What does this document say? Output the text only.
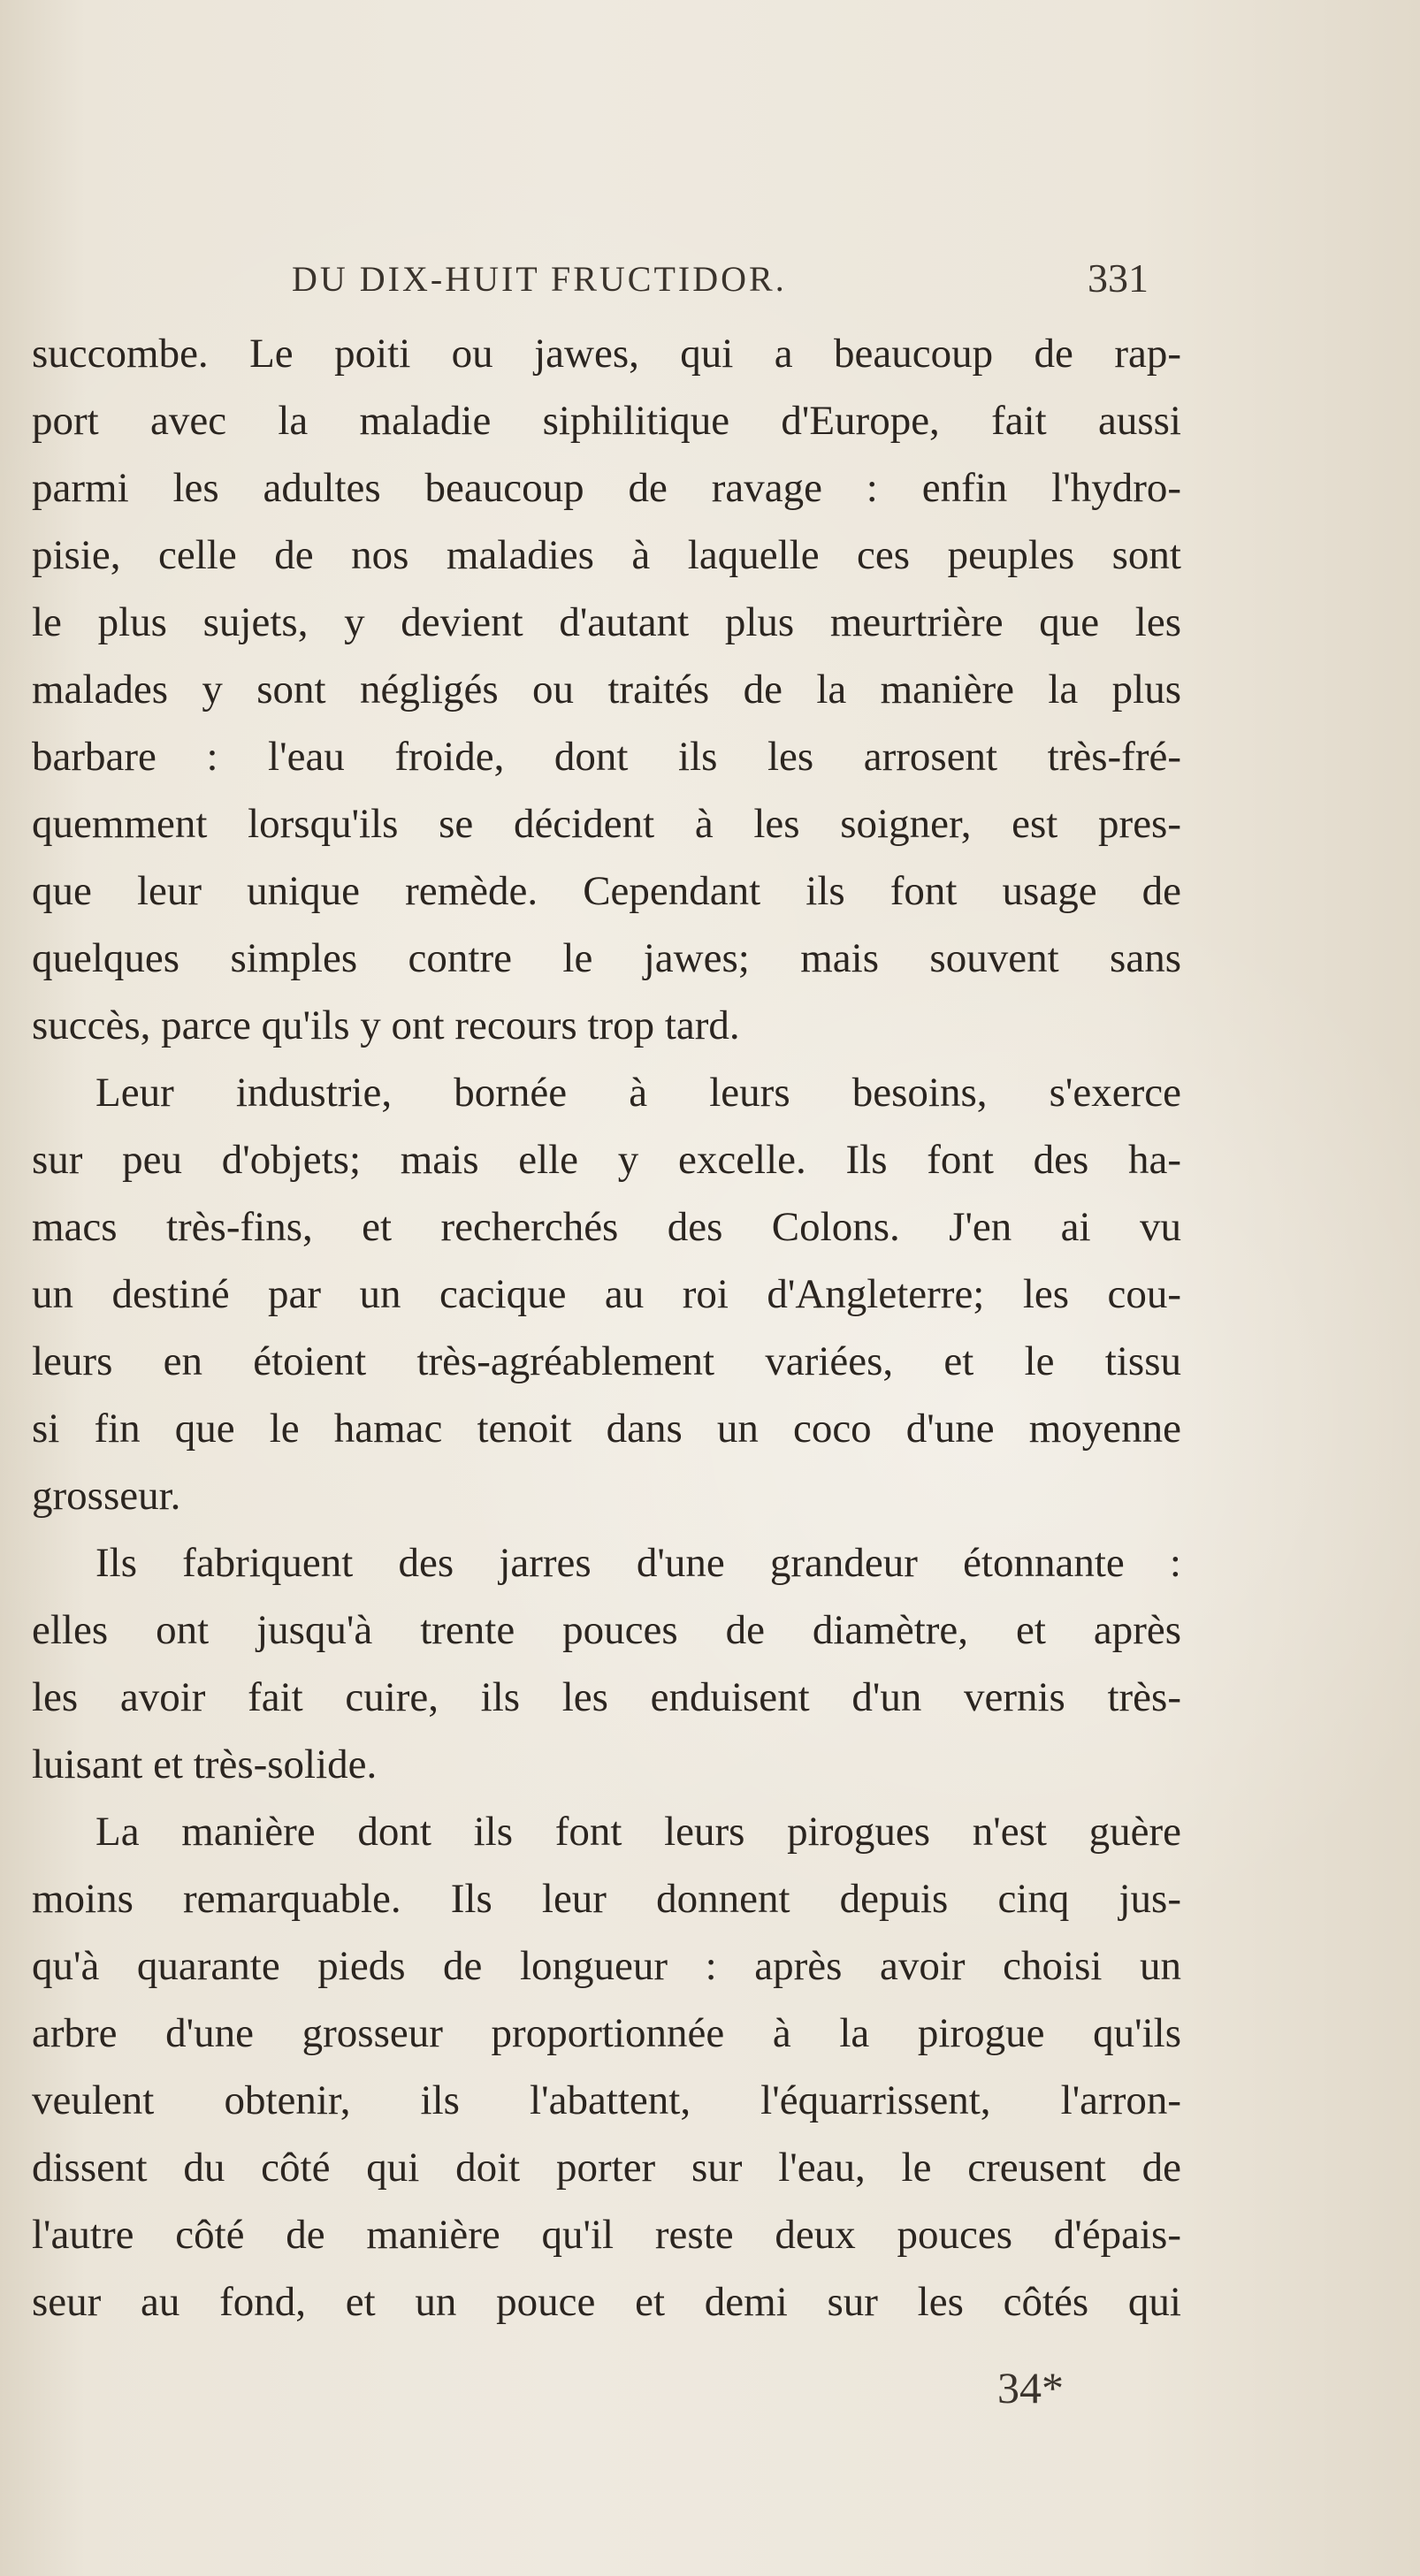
DU DIX-HUIT FRUCTIDOR.	331
succombe. Le poiti ou jawes, qui a beaucoup de rap-
port avec la maladie siphilitique d'Europe, fait aussi
parmi les adultes beaucoup de ravage : enfin l'hydro-
pisie, celle de nos maladies à laquelle ces peuples sont
le plus sujets, y devient d'autant plus meurtrière que les
malades y sont négligés ou traités de la manière la plus
barbare : l'eau froide, dont ils les arrosent très-fré-
quemment lorsqu'ils se décident à les soigner, est pres-
que leur unique remède. Cependant ils font usage de
quelques simples contre le jawes; mais souvent sans
succès, parce qu'ils y ont recours trop tard.
Leur industrie, bornée à leurs besoins, s'exerce
sur peu d'objets; mais elle y excelle. Ils font des ha-
macs très-fins, et recherchés des Colons. J'en ai vu
un destiné par un cacique au roi d'Angleterre; les cou-
leurs en étoient très-agréablement variées, et le tissu
si fin que le hamac tenoit dans un coco d'une moyenne
grosseur.
Ils fabriquent des jarres d'une grandeur étonnante :
elles ont jusqu'à trente pouces de diamètre, et après
les avoir fait cuire, ils les enduisent d'un vernis très-
luisant et très-solide.
La manière dont ils font leurs pirogues n'est guère
moins remarquable. Ils leur donnent depuis cinq jus-
qu'à quarante pieds de longueur : après avoir choisi un
arbre d'une grosseur proportionnée à la pirogue qu'ils
veulent obtenir, ils l'abattent, l'équarrissent, l'arron-
dissent du côté qui doit porter sur l'eau, le creusent de
l'autre côté de manière qu'il reste deux pouces d'épais-
seur au fond, et un pouce et demi sur les côtés qui
34*
